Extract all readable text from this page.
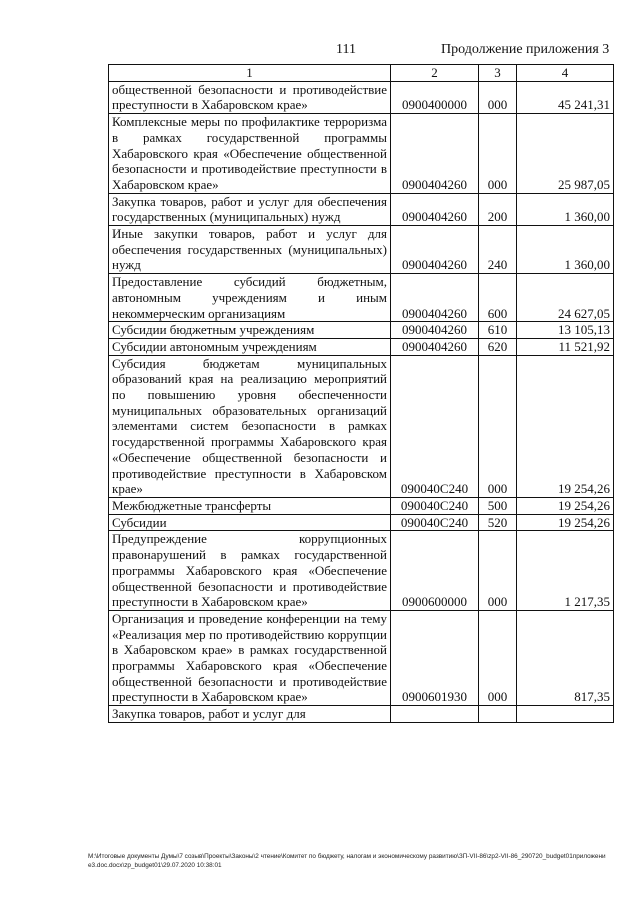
111	Продолжение приложения 3
1	2	3	4
общественной безопасности и противодействие преступности в Хабаровском крае»	0900400000	000	45 241,31
Комплексные меры по профилактике терроризма в рамках государственной программы Хабаровского края «Обеспечение общественной безопасности и противодействие преступности в Хабаровском крае»	0900404260	000	25 987,05
Закупка товаров, работ и услуг для обеспечения государственных (муниципальных) нужд	0900404260	200	1 360,00
Иные закупки товаров, работ и услуг для обеспечения государственных (муниципальных) нужд	0900404260	240	1 360,00
Предоставление субсидий бюджетным, автономным учреждениям и иным некоммерческим организациям	0900404260	600	24 627,05
Субсидии бюджетным учреждениям	0900404260	610	13 105,13
Субсидии автономным учреждениям	0900404260	620	11 521,92
Субсидия бюджетам муниципальных образований края на реализацию мероприятий по повышению уровня обеспеченности муниципальных образовательных организаций элементами систем безопасности в рамках государственной программы Хабаровского края «Обеспечение общественной безопасности и противодействие преступности в Хабаровском крае»	090040C240	000	19 254,26
Межбюджетные трансферты	090040C240	500	19 254,26
Субсидии	090040C240	520	19 254,26
Предупреждение коррупционных правонарушений в рамках государственной программы Хабаровского края «Обеспечение общественной безопасности и противодействие преступности в Хабаровском крае»	0900600000	000	1 217,35
Организация и проведение конференции на тему «Реализация мер по противодействию коррупции в Хабаровском крае» в рамках государственной программы Хабаровского края «Обеспечение общественной безопасности и противодействие преступности в Хабаровском крае»	0900601930	000	817,35
Закупка товаров, работ и услуг для			
M:\Итоговые документы Думы\7 созыв\Проекты\Законы\2 чтение\Комитет по бюджету, налогам и экономическому развитию\ЗП-VII-86\zp2-VII-86_290720_budget01приложение3.doc.docx\zp_budget01\29.07.2020 10:38:01
